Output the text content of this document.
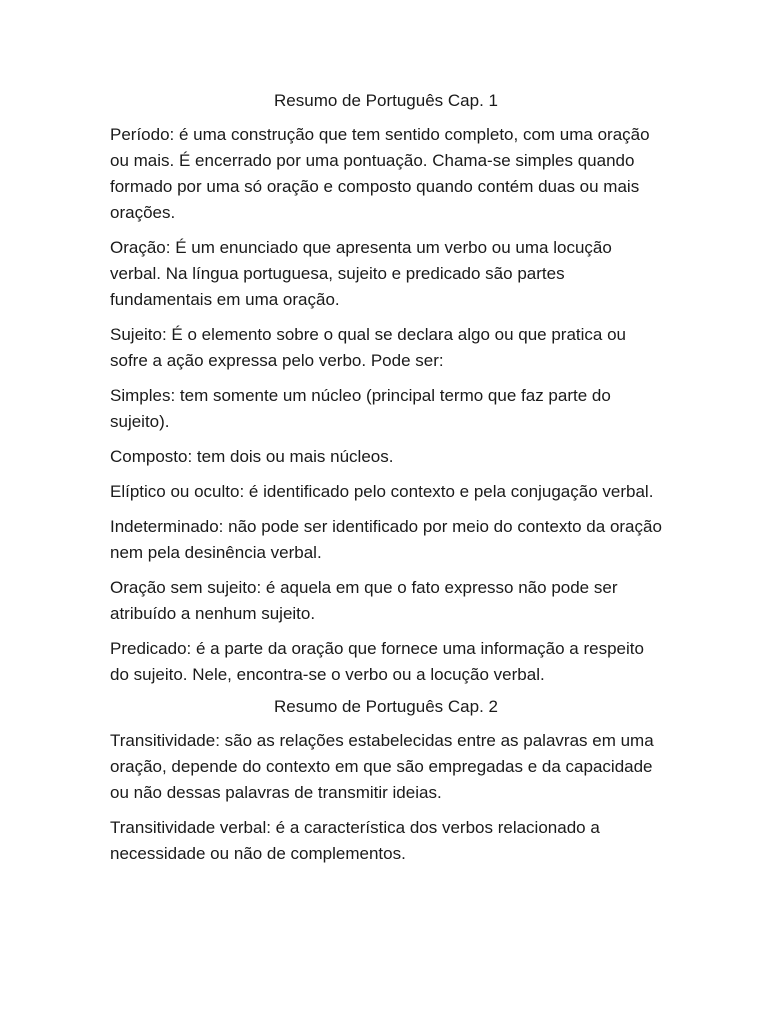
Resumo de Português Cap. 1

Período: é uma construção que tem sentido completo, com uma oração ou mais. É encerrado por uma pontuação. Chama-se simples quando formado por uma só oração e composto quando contém duas ou mais orações.

Oração: É um enunciado que apresenta um verbo ou uma locução verbal. Na língua portuguesa, sujeito e predicado são partes fundamentais em uma oração.

Sujeito: É o elemento sobre o qual se declara algo ou que pratica ou sofre a ação expressa pelo verbo. Pode ser:

Simples: tem somente um núcleo (principal termo que faz parte do sujeito).

Composto: tem dois ou mais núcleos.

Elíptico ou oculto: é identificado pelo contexto e pela conjugação verbal.

Indeterminado: não pode ser identificado por meio do contexto da oração nem pela desinência verbal.

Oração sem sujeito: é aquela em que o fato expresso não pode ser atribuído a nenhum sujeito.

Predicado: é a parte da oração que fornece uma informação a respeito do sujeito. Nele, encontra-se o verbo ou a locução verbal.

Resumo de Português Cap. 2

Transitividade: são as relações estabelecidas entre as palavras em uma oração, depende do contexto em que são empregadas e da capacidade ou não dessas palavras de transmitir ideias.

Transitividade verbal: é a característica dos verbos relacionado a necessidade ou não de complementos.
